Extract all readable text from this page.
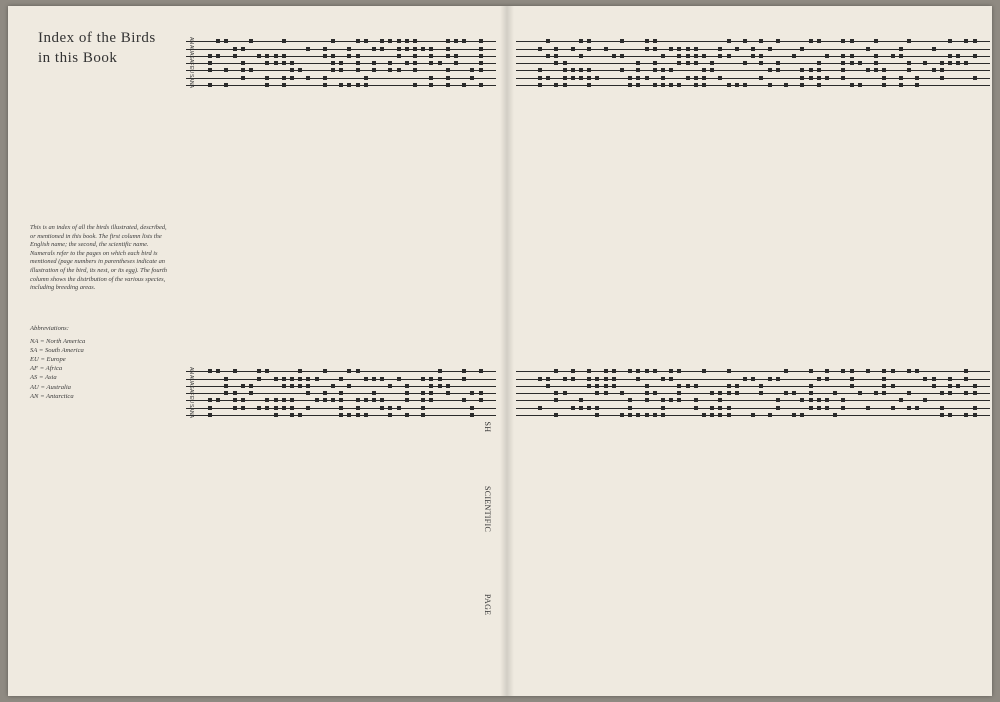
Index of the Birds
in this Book
This is an index of all the birds illustrated, described, or mentioned in this book. The first column lists the English name; the second, the scientific name. Numerals refer to the pages on which each bird is mentioned (page numbers in parentheses indicate an illustration of the bird, its nest, or its egg). The fourth column shows the distribution of the various species, including breeding areas.
Abbreviations:
NA = North America
SA = South America
EU = Europe
AF = Africa
AS = Asia
AU = Australia
AN = Antarctica
SCIENTIFIC
PAGE
AN
AU
AS
AF
EU
SA
NA
AN
AU
AS
AF
EU
SA
NA
